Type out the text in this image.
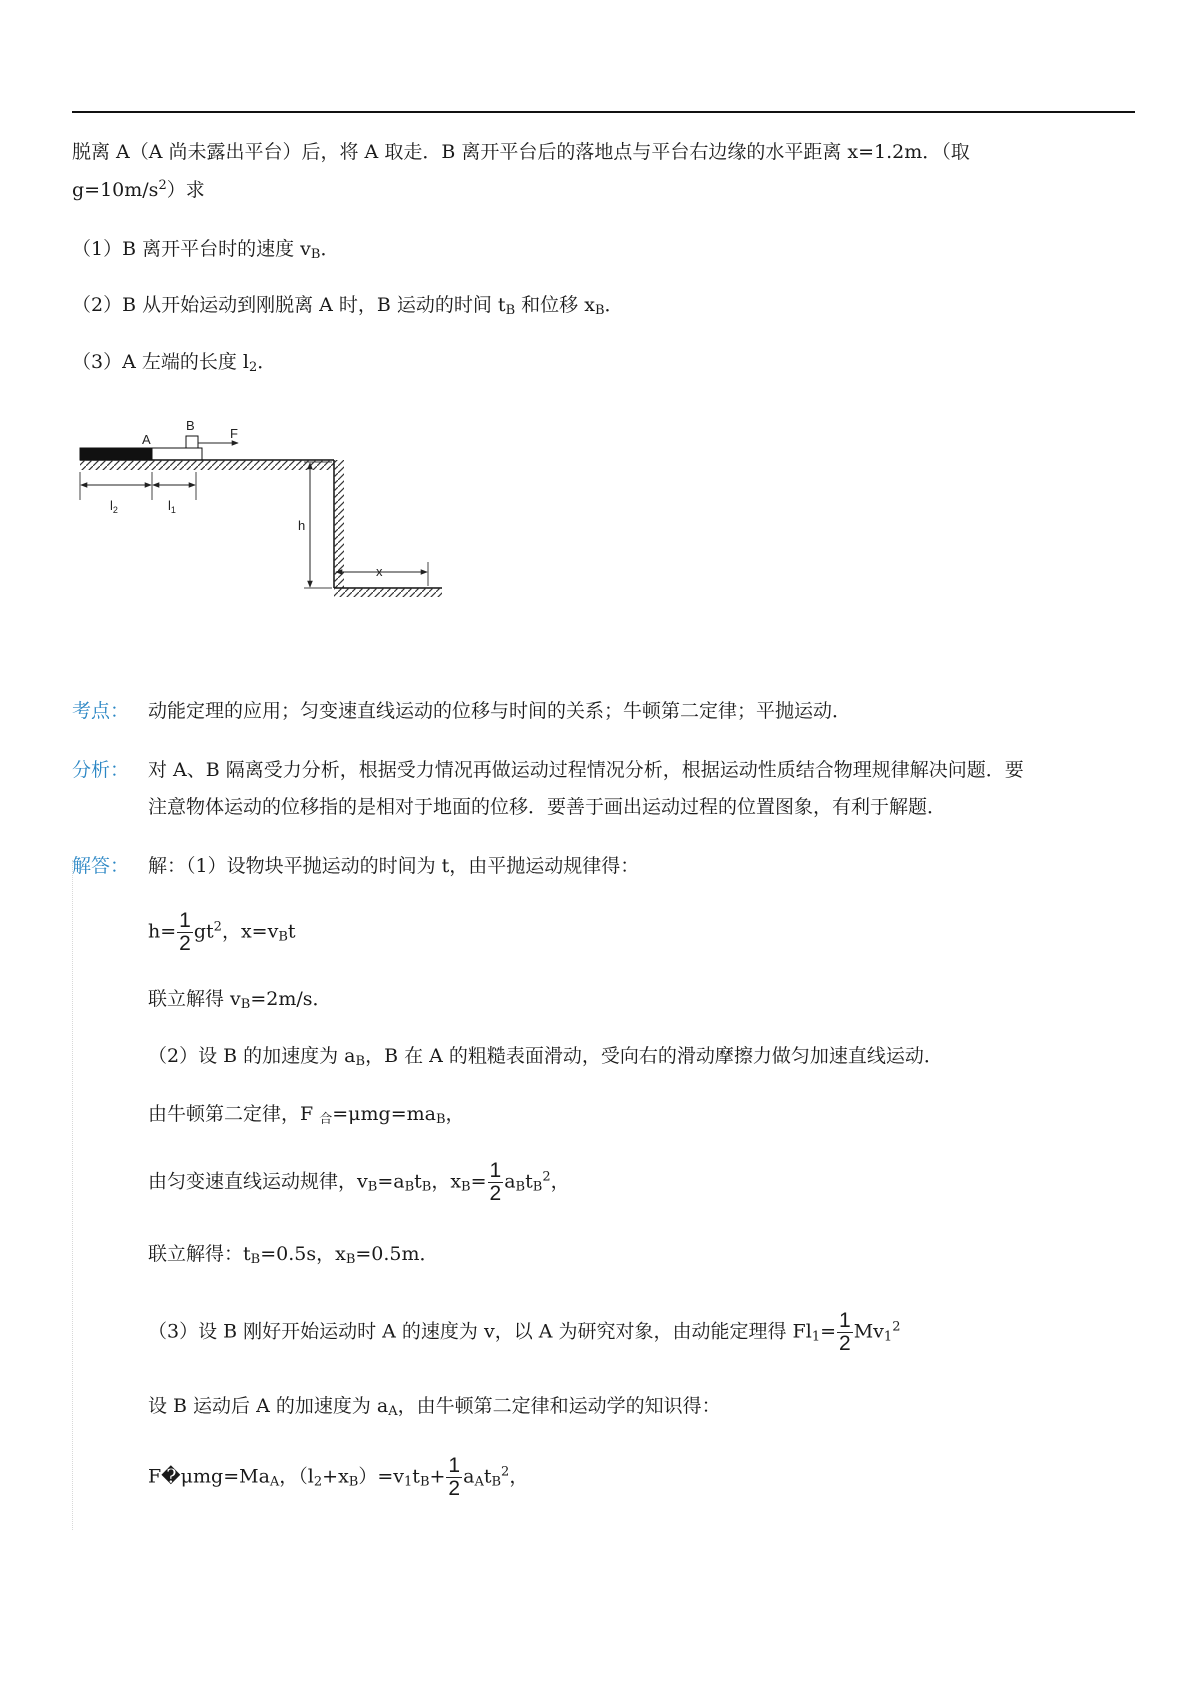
脱离 A（A 尚未露出平台）后，将 A 取走．B 离开平台后的落地点与平台右边缘的水平距离 x=1.2m．（取
$g=10m/s^2$）求
（1）B 离开平台时的速度 $v_B$．
（2）B 从开始运动到刚脱离 A 时，B 运动的时间 $t_B$ 和位移 $x_B$．
（3）A 左端的长度 $l_2$．
A
B
F
$l_2$	$l_1$
h
x
考点： 动能定理的应用；匀变速直线运动的位移与时间的关系；牛顿第二定律；平抛运动．
分析： 对 A、B 隔离受力分析，根据受力情况再做运动过程情况分析，根据运动性质结合物理规律解决问题．要
注意物体运动的位移指的是相对于地面的位移．要善于画出运动过程的位置图象，有利于解题．
解答： 解：（1）设物块平抛运动的时间为 t，由平抛运动规律得：
$h= \frac{1}{2} gt^2$，$x=v_Bt$
联立解得 $v_B=2m/s$．
（2）设 B 的加速度为 $a_B$，B 在 A 的粗糙表面滑动，受向右的滑动摩擦力做匀加速直线运动．
由牛顿第二定律，F $_合=\mu mg=ma_B$，
由匀变速直线运动规律，$v_B=a_Bt_B$，$x_B= \frac{1}{2} a_Bt_B^2$，
联立解得：$t_B=0.5s$，$x_B=0.5m$．
（3）设 B 刚好开始运动时 A 的速度为 v，以 A 为研究对象，由动能定理得 $Fl_1= \frac{1}{2} Mv_1^2$
设 B 运动后 A 的加速度为 $a_A$，由牛顿第二定律和运动学的知识得：
$F�\mu mg=Ma_A$，$(l_2+x_B)=v_1t_B+ \frac{1}{2} a_At_B^2$，
